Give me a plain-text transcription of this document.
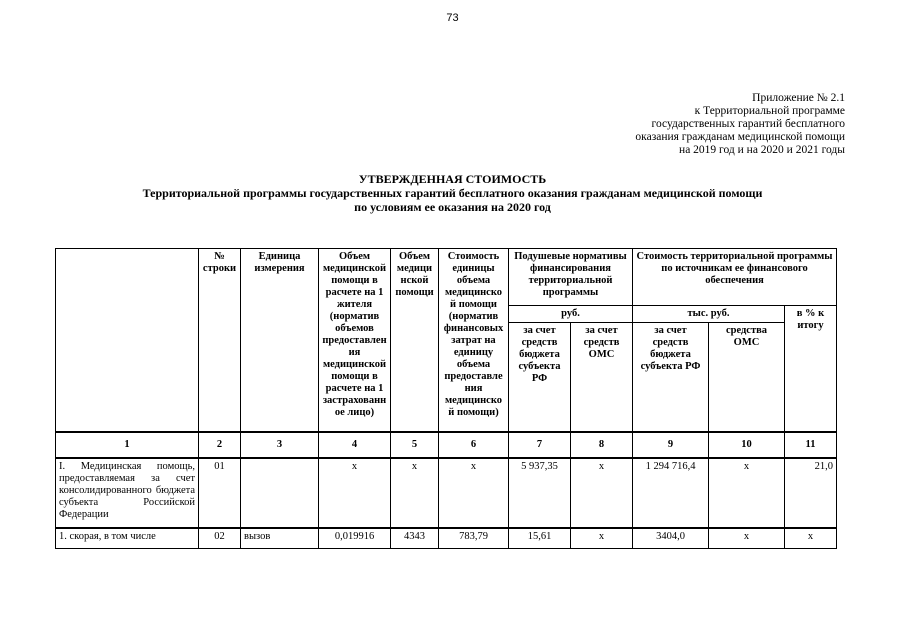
73
Приложение № 2.1
к Территориальной программе
государственных гарантий бесплатного
оказания гражданам медицинской помощи
на 2019 год и на 2020 и 2021 годы
УТВЕРЖДЕННАЯ СТОИМОСТЬ
Территориальной программы государственных гарантий бесплатного оказания гражданам медицинской помощи
по условиям ее оказания на 2020 год
	№ строки	Единица измерения	Объем медицинской помощи в расчете на 1 жителя (норматив объемов предоставления медицинской помощи в расчете на 1 застрахованное лицо)	Объем медицинской помощи	Стоимость единицы объема медицинской помощи (норматив финансовых затрат на единицу объема предоставления медицинской помощи)	Подушевые нормативы финансирования территориальной программы		Стоимость территориальной программы по источникам ее финансового обеспечения		
						руб.		тыс. руб.		в % к итогу
						за счет средств бюджета субъекта РФ	за счет средств ОМС	за счет средств бюджета субъекта РФ	средства ОМС	
1	2	3	4	5	6	7	8	9	10	11
I. Медицинская помощь, предоставляемая за счет консолидированного бюджета субъекта Российской Федерации	01		x	x	x	5 937,35	x	1 294 716,4	x	21,0
1. скорая, в том числе	02	вызов	0,019916	4343	783,79	15,61	x	3404,0	x	x
